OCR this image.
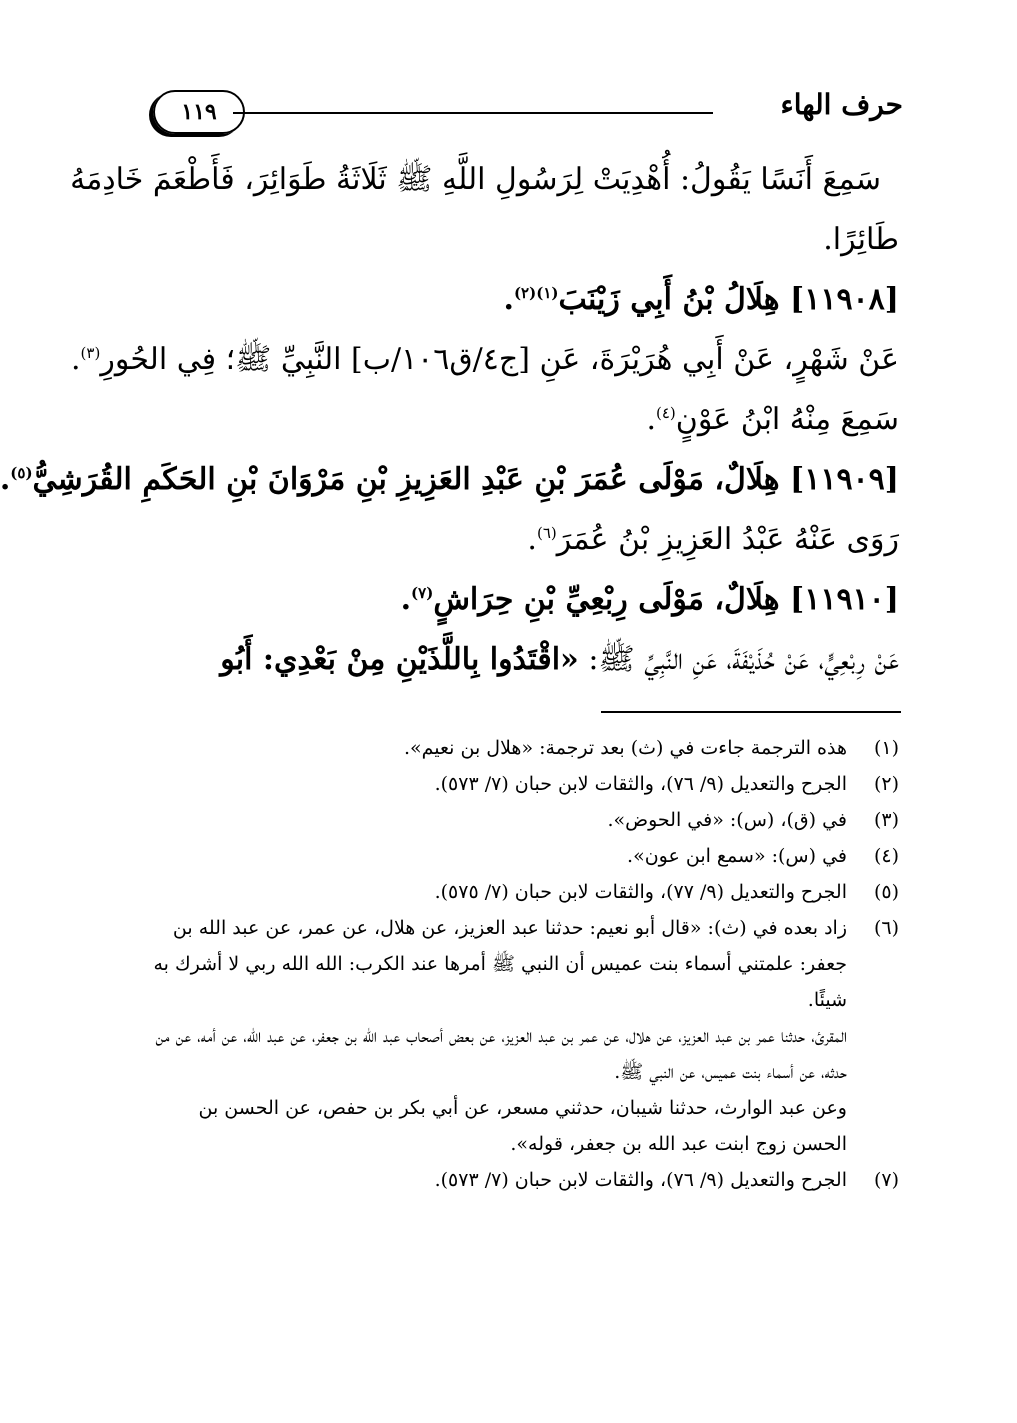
١١٩	حرف الهاء
سَمِعَ أَنَسًا يَقُولُ: أُهْدِيَتْ لِرَسُولِ اللَّهِ ﷺ ثَلَاثَةُ طَوَائِرَ، فَأَطْعَمَ خَادِمَهُ
طَائِرًا.
[١١٩٠٨] هِلَالُ بْنُ أَبِي زَيْنَبَ$^{(١)(٢)}$.
عَنْ شَهْرٍ، عَنْ أَبِي هُرَيْرَةَ، عَنِ [ج٤/ق١٠٦/ب] النَّبِيِّ ﷺ؛ فِي الحُورِ$^{(٣)}$.
سَمِعَ مِنْهُ ابْنُ عَوْنٍ$^{(٤)}$.
[١١٩٠٩] هِلَالٌ، مَوْلَى عُمَرَ بْنِ عَبْدِ العَزِيزِ بْنِ مَرْوَانَ بْنِ الحَكَمِ القُرَشِيُّ$^{(٥)}$.
رَوَى عَنْهُ عَبْدُ العَزِيزِ بْنُ عُمَرَ$^{(٦)}$.
[١١٩١٠] هِلَالٌ، مَوْلَى رِبْعِيِّ بْنِ حِرَاشٍ$^{(٧)}$.
عَنْ رِبْعِيٍّ، عَنْ حُذَيْفَةَ، عَنِ النَّبِيِّ ﷺ: «اقْتَدُوا بِاللَّذَيْنِ مِنْ بَعْدِي: أَبُو
(١)
هذه الترجمة جاءت في (ث) بعد ترجمة: «هلال بن نعيم».
(٢)
الجرح والتعديل (٩/ ٧٦)، والثقات لابن حبان (٧/ ٥٧٣).
(٣)
في (ق)، (س): «في الحوض».
(٤)
في (س): «سمع ابن عون».
(٥)
الجرح والتعديل (٩/ ٧٧)، والثقات لابن حبان (٧/ ٥٧٥).
(٦)

زاد بعده في (ث): «قال أبو نعيم: حدثنا عبد العزيز، عن هلال، عن عمر، عن عبد الله بن جعفر: علمتني أسماء بنت عميس أن النبي ﷺ أمرها عند الكرب: الله الله ربي لا أشرك به شيئًا.

المقرئ، حدثنا عمر بن عبد العزيز، عن هلال، عن عمر بن عبد العزيز، عن بعض أصحاب عبد الله بن جعفر، عن عبد الله، عن أمه، عن من حدثه، عن أسماء بنت عميس، عن النبي ﷺ.

وعن عبد الوارث، حدثنا شيبان، حدثني مسعر، عن أبي بكر بن حفص، عن الحسن بن الحسن زوج ابنت عبد الله بن جعفر، قوله».

(٧)
الجرح والتعديل (٩/ ٧٦)، والثقات لابن حبان (٧/ ٥٧٣).
